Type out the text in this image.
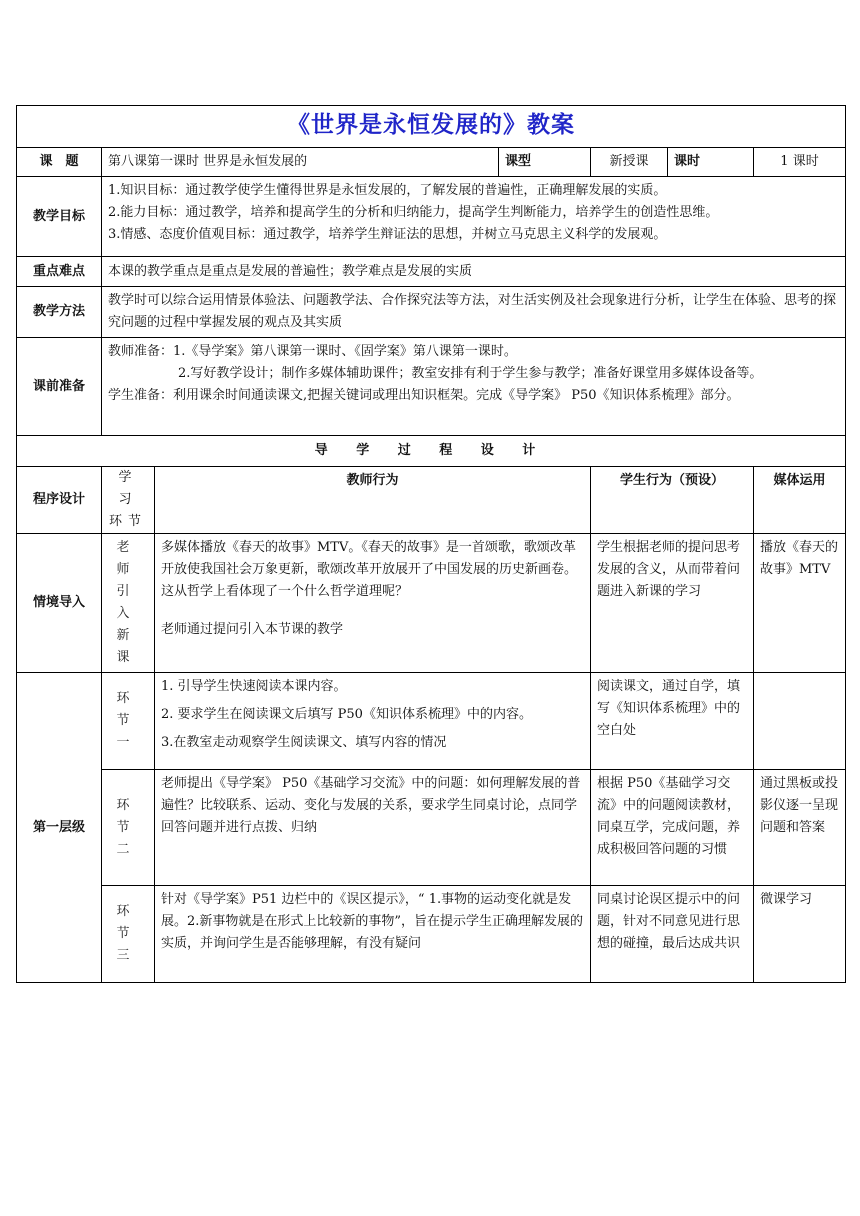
《世界是永恒发展的》教案						
课　题	第八课第一课时 世界是永恒发展的		课型	新授课	课时	1 课时
教学目标	1.知识目标：通过教学使学生懂得世界是永恒发展的，了解发展的普遍性，正确理解发展的实质。
2.能力目标：通过教学，培养和提高学生的分析和归纳能力，提高学生判断能力，培养学生的创造性思维。
3.情感、态度价值观目标：通过教学，培养学生辩证法的思想，并树立马克思主义科学的发展观。					

重点难点	本课的教学重点是重点是发展的普遍性；教学难点是发展的实质					
教学方法	教学时可以综合运用情景体验法、问题教学法、合作探究法等方法，对生活实例及社会现象进行分析，让学生在体验、思考的探究问题的过程中掌握发展的观点及其实质					
课前准备	教师准备：1.《导学案》第八课第一课时、《固学案》第八课第一课时。
2.写好教学设计；制作多媒体辅助课件；教室安排有利于学生参与教学；准备好课堂用多媒体设备等。
学生准备：利用课余时间通读课文,把握关键词或理出知识框架。完成《导学案》 P50《知识体系梳理》部分。					

导 学 过 程 设 计						
程序设计	学 习 环节	教师行为		学生行为（预设）		媒体运用
情境导入	老 师 引 入 新课	多媒体播放《春天的故事》MTV。《春天的故事》是一首颂歌，歌颂改革开放使我国社会万象更新，歌颂改革开放展开了中国发展的历史新画卷。这从哲学上看体现了一个什么哲学道理呢？
老师通过提问引入本节课的教学		学生根据老师的提问思考发展的含义，从而带着问题进入新课的学习		播放《春天的故事》MTV
第一层级	环 节 一	1. 引导学生快速阅读本课内容。
2. 要求学生在阅读课文后填写 P50《知识体系梳理》中的内容。
3.在教室走动观察学生阅读课文、填写内容的情况		阅读课文，通过自学，填写《知识体系梳理》中的空白处		
	环 节 二	老师提出《导学案》 P50《基础学习交流》中的问题：如何理解发展的普遍性？比较联系、运动、变化与发展的关系，要求学生同桌讨论，点同学回答问题并进行点拨、归纳		根据 P50《基础学习交流》中的问题阅读教材，同桌互学，完成问题，养成积极回答问题的习惯		通过黑板或投影仪逐一呈现问题和答案
	环 节 三	针对《导学案》P51 边栏中的《误区提示》，“ 1.事物的运动变化就是发展。2.新事物就是在形式上比较新的事物”，旨在提示学生正确理解发展的实质，并询问学生是否能够理解，有没有疑问		同桌讨论误区提示中的问题，针对不同意见进行思想的碰撞，最后达成共识		微课学习
